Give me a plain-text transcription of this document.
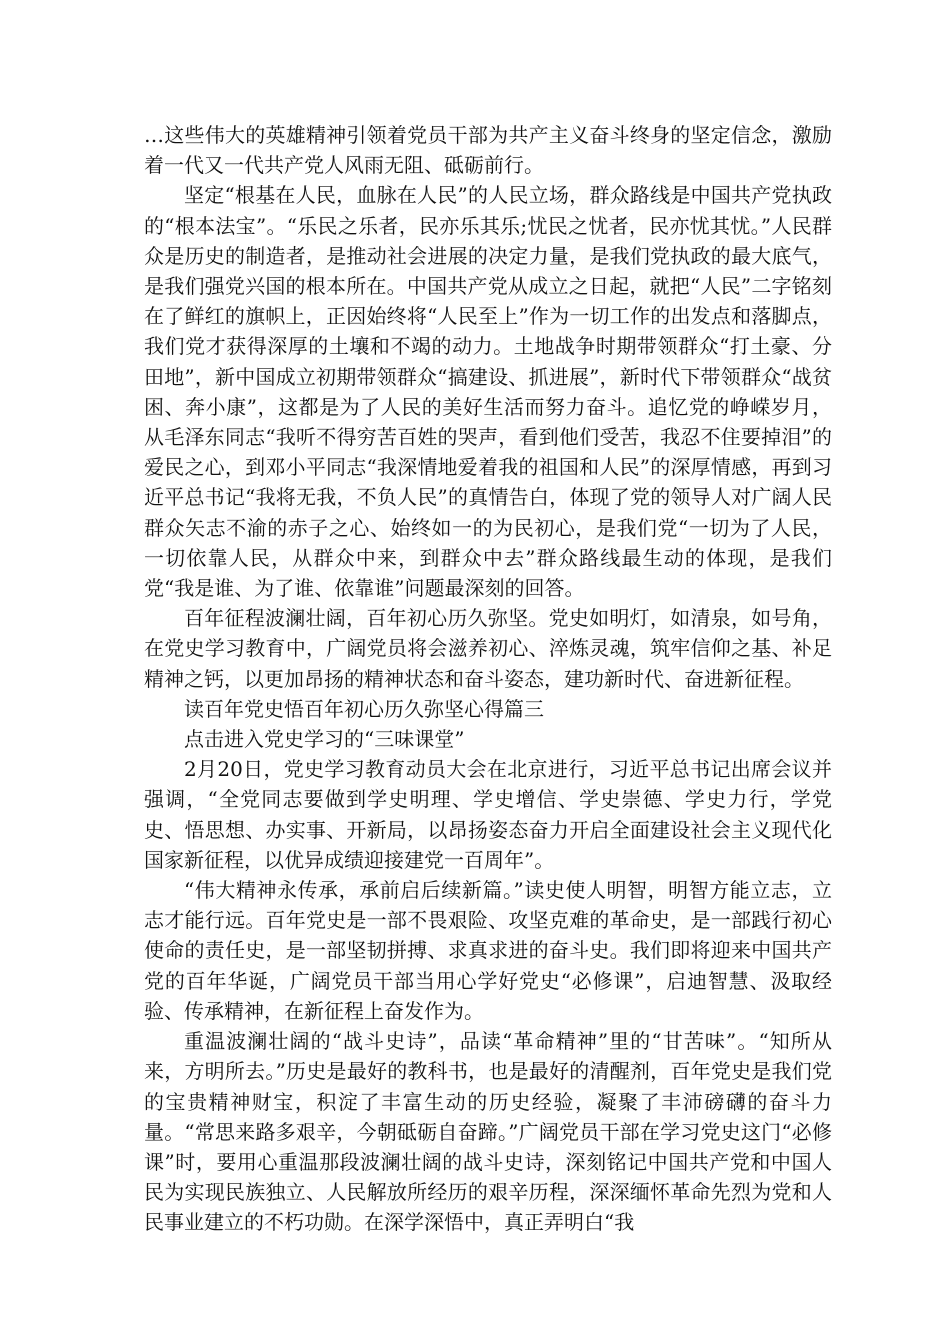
…这些伟大的英雄精神引领着党员干部为共产主义奋斗终身的坚定信念，激励着一代又一代共产党人风雨无阻、砥砺前行。

坚定“根基在人民，血脉在人民”的人民立场，群众路线是中国共产党执政的“根本法宝”。“乐民之乐者，民亦乐其乐;忧民之忧者，民亦忧其忧。”人民群众是历史的制造者，是推动社会进展的决定力量，是我们党执政的最大底气，是我们强党兴国的根本所在。中国共产党从成立之日起，就把“人民”二字铭刻在了鲜红的旗帜上，正因始终将“人民至上”作为一切工作的出发点和落脚点，我们党才获得深厚的土壤和不竭的动力。土地战争时期带领群众“打土豪、分田地”，新中国成立初期带领群众“搞建设、抓进展”，新时代下带领群众“战贫困、奔小康”，这都是为了人民的美好生活而努力奋斗。追忆党的峥嵘岁月，从毛泽东同志“我听不得穷苦百姓的哭声，看到他们受苦，我忍不住要掉泪”的爱民之心，到邓小平同志“我深情地爱着我的祖国和人民”的深厚情感，再到习近平总书记“我将无我，不负人民”的真情告白，体现了党的领导人对广阔人民群众矢志不渝的赤子之心、始终如一的为民初心，是我们党“一切为了人民，一切依靠人民，从群众中来，到群众中去”群众路线最生动的体现，是我们党“我是谁、为了谁、依靠谁”问题最深刻的回答。

百年征程波澜壮阔，百年初心历久弥坚。党史如明灯，如清泉，如号角，在党史学习教育中，广阔党员将会滋养初心、淬炼灵魂，筑牢信仰之基、补足精神之钙，以更加昂扬的精神状态和奋斗姿态，建功新时代、奋进新征程。

读百年党史悟百年初心历久弥坚心得篇三

点击进入党史学习的“三味课堂”

2月20日，党史学习教育动员大会在北京进行，习近平总书记出席会议并强调，“全党同志要做到学史明理、学史增信、学史崇德、学史力行，学党史、悟思想、办实事、开新局，以昂扬姿态奋力开启全面建设社会主义现代化国家新征程，以优异成绩迎接建党一百周年”。

“伟大精神永传承，承前启后续新篇。”读史使人明智，明智方能立志，立志才能行远。百年党史是一部不畏艰险、攻坚克难的革命史，是一部践行初心使命的责任史，是一部坚韧拼搏、求真求进的奋斗史。我们即将迎来中国共产党的百年华诞，广阔党员干部当用心学好党史“必修课”，启迪智慧、汲取经验、传承精神，在新征程上奋发作为。

重温波澜壮阔的“战斗史诗”，品读“革命精神”里的“甘苦味”。“知所从来，方明所去。”历史是最好的教科书，也是最好的清醒剂，百年党史是我们党的宝贵精神财宝，积淀了丰富生动的历史经验，凝聚了丰沛磅礴的奋斗力量。“常思来路多艰辛，今朝砥砺自奋蹄。”广阔党员干部在学习党史这门“必修课”时，要用心重温那段波澜壮阔的战斗史诗，深刻铭记中国共产党和中国人民为实现民族独立、人民解放所经历的艰辛历程，深深缅怀革命先烈为党和人民事业建立的不朽功勋。在深学深悟中，真正弄明白“我
